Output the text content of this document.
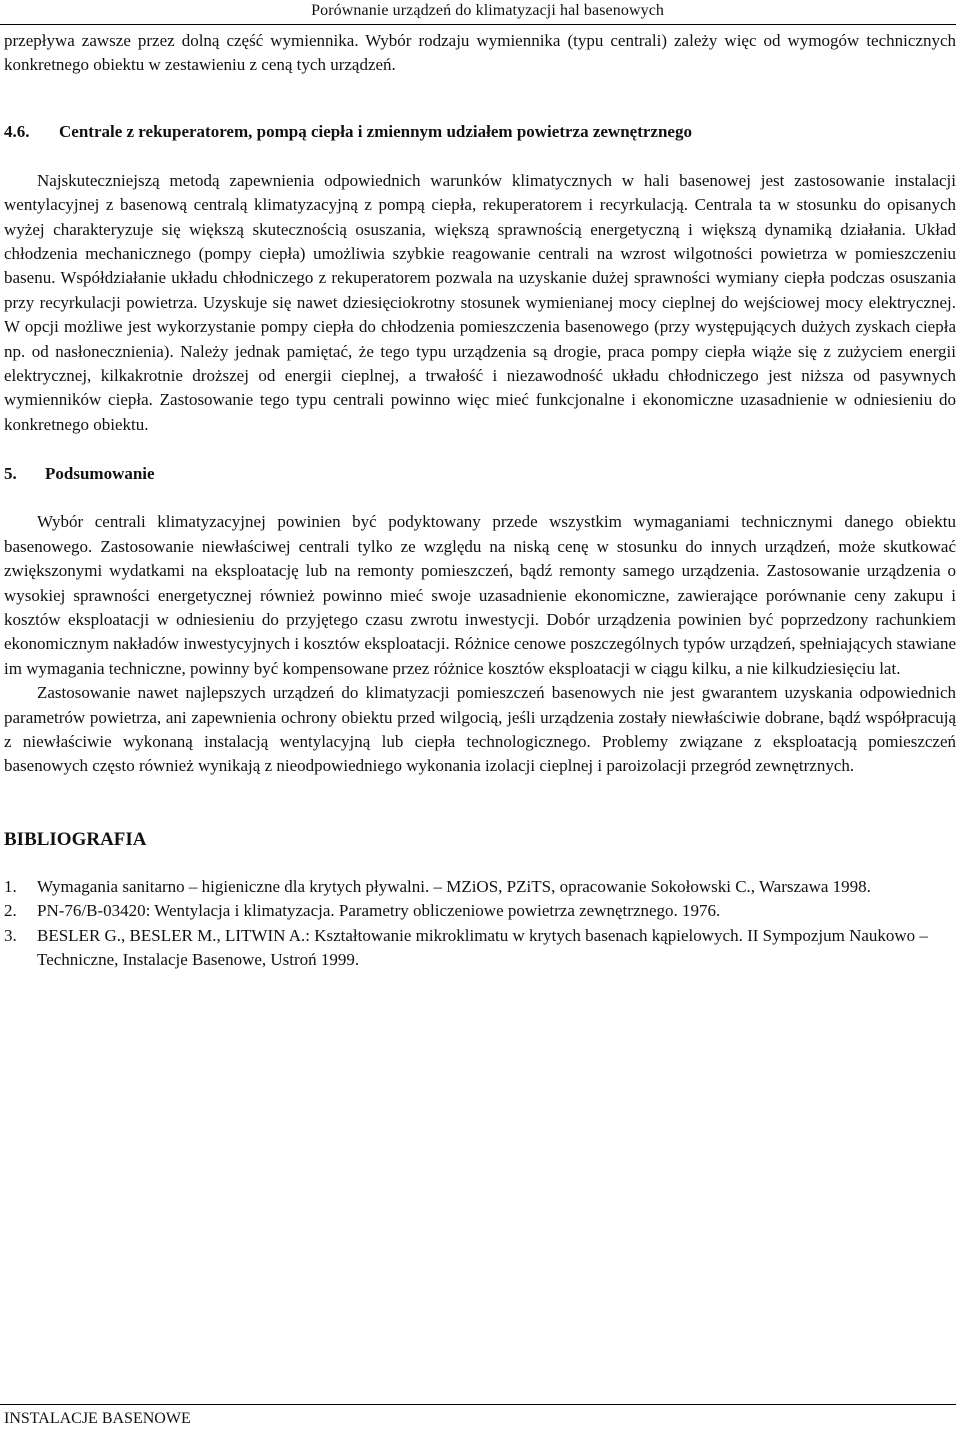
Porównanie urządzeń do klimatyzacji hal basenowych

przepływa zawsze przez dolną część wymiennika. Wybór rodzaju wymiennika (typu centrali) zależy więc od wymogów technicznych konkretnego obiektu w zestawieniu z ceną tych urządzeń.

4.6. Centrale z rekuperatorem, pompą ciepła i zmiennym udziałem powietrza zewnętrznego

Najskuteczniejszą metodą zapewnienia odpowiednich warunków klimatycznych w hali basenowej jest zastosowanie instalacji wentylacyjnej z basenową centralą klimatyzacyjną z pompą ciepła, rekuperatorem i recyrkulacją. Centrala ta w stosunku do opisanych wyżej charakteryzuje się większą skutecznością osuszania, większą sprawnością energetyczną i większą dynamiką działania. Układ chłodzenia mechanicznego (pompy ciepła) umożliwia szybkie reagowanie centrali na wzrost wilgotności powietrza w pomieszczeniu basenu. Współdziałanie układu chłodniczego z rekuperatorem pozwala na uzyskanie dużej sprawności wymiany ciepła podczas osuszania przy recyrkulacji powietrza. Uzyskuje się nawet dziesięciokrotny stosunek wymienianej mocy cieplnej do wejściowej mocy elektrycznej. W opcji możliwe jest wykorzystanie pompy ciepła do chłodzenia pomieszczenia basenowego (przy występujących dużych zyskach ciepła np. od nasłonecznienia). Należy jednak pamiętać, że tego typu urządzenia są drogie, praca pompy ciepła wiąże się z zużyciem energii elektrycznej, kilkakrotnie droższej od energii cieplnej, a trwałość i niezawodność układu chłodniczego jest niższa od pasywnych wymienników ciepła. Zastosowanie tego typu centrali powinno więc mieć funkcjonalne i ekonomiczne uzasadnienie w odniesieniu do konkretnego obiektu.

5. Podsumowanie

Wybór centrali klimatyzacyjnej powinien być podyktowany przede wszystkim wymaganiami technicznymi danego obiektu basenowego. Zastosowanie niewłaściwej centrali tylko ze względu na niską cenę w stosunku do innych urządzeń, może skutkować zwiększonymi wydatkami na eksploatację lub na remonty pomieszczeń, bądź remonty samego urządzenia. Zastosowanie urządzenia o wysokiej sprawności energetycznej również powinno mieć swoje uzasadnienie ekonomiczne, zawierające porównanie ceny zakupu i kosztów eksploatacji w odniesieniu do przyjętego czasu zwrotu inwestycji. Dobór urządzenia powinien być poprzedzony rachunkiem ekonomicznym nakładów inwestycyjnych i kosztów eksploatacji. Różnice cenowe poszczególnych typów urządzeń, spełniających stawiane im wymagania techniczne, powinny być kompensowane przez różnice kosztów eksploatacji w ciągu kilku, a nie kilkudziesięciu lat.

Zastosowanie nawet najlepszych urządzeń do klimatyzacji pomieszczeń basenowych nie jest gwarantem uzyskania odpowiednich parametrów powietrza, ani zapewnienia ochrony obiektu przed wilgocią, jeśli urządzenia zostały niewłaściwie dobrane, bądź współpracują z niewłaściwie wykonaną instalacją wentylacyjną lub ciepła technologicznego. Problemy związane z eksploatacją pomieszczeń basenowych często również wynikają z nieodpowiedniego wykonania izolacji cieplnej i paroizolacji przegród zewnętrznych.

BIBLIOGRAFIA
1. Wymagania sanitarno – higieniczne dla krytych pływalni. – MZiOS, PZiTS, opracowanie Sokołowski C., Warszawa 1998.
2. PN-76/B-03420: Wentylacja i klimatyzacja. Parametry obliczeniowe powietrza zewnętrznego. 1976.
3. BESLER G., BESLER M., LITWIN A.: Kształtowanie mikroklimatu w krytych basenach kąpielowych. II Sympozjum Naukowo – Techniczne, Instalacje Basenowe, Ustroń 1999.
INSTALACJE BASENOWE
